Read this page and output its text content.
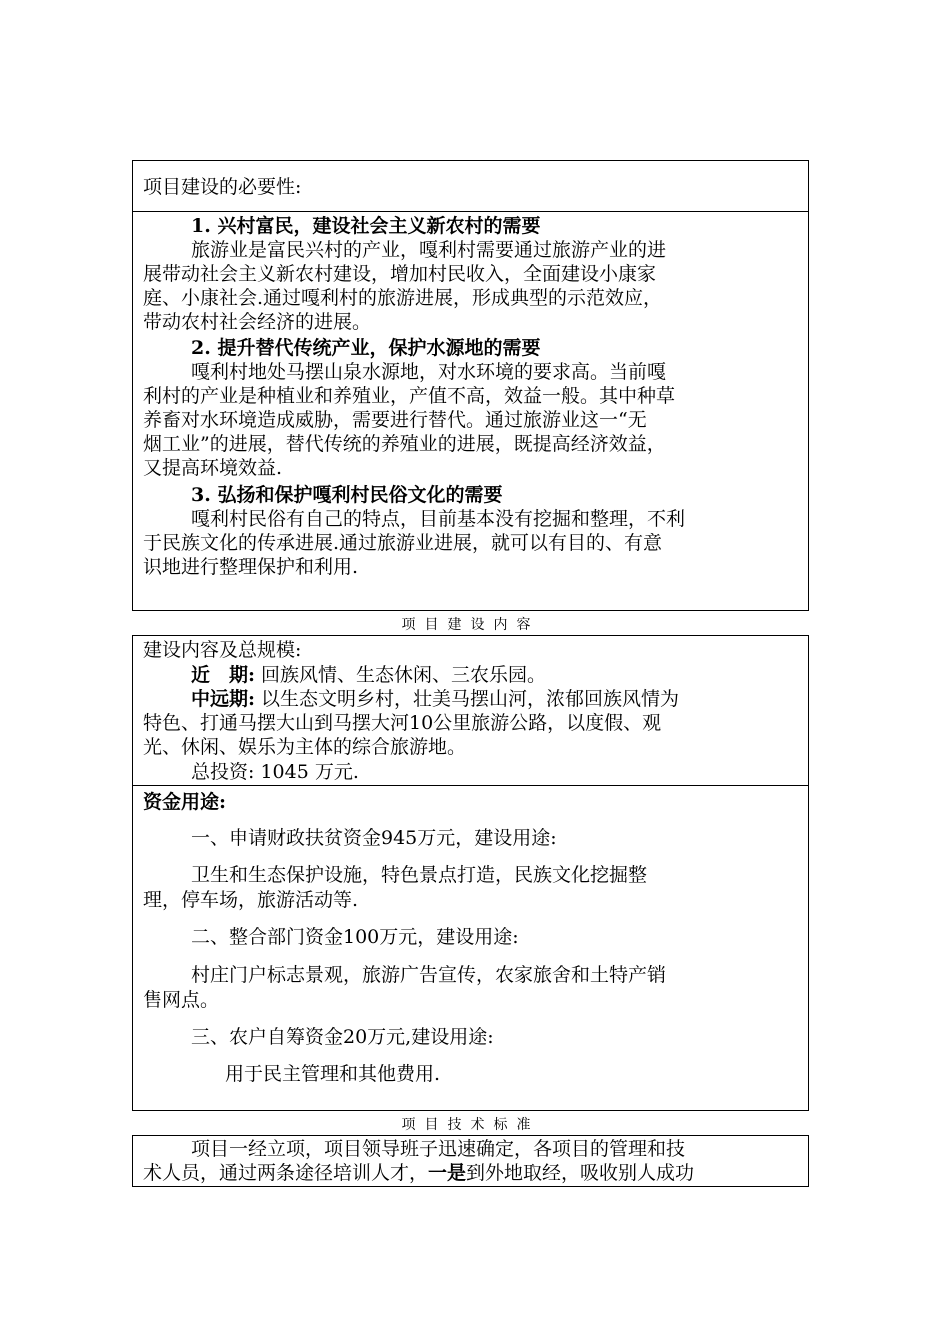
项目建设的必要性:
1. 兴村富民，建设社会主义新农村的需要
旅游业是富民兴村的产业，嘎利村需要通过旅游产业的进
展带动社会主义新农村建设，增加村民收入，全面建设小康家
庭、小康社会.通过嘎利村的旅游进展，形成典型的示范效应，
带动农村社会经济的进展。
2. 提升替代传统产业，保护水源地的需要
嘎利村地处马摆山泉水源地，对水环境的要求高。当前嘎
利村的产业是种植业和养殖业，产值不高，效益一般。其中种草
养畜对水环境造成威胁，需要进行替代。通过旅游业这一“无
烟工业”的进展，替代传统的养殖业的进展，既提高经济效益，
又提高环境效益.
3. 弘扬和保护嘎利村民俗文化的需要
嘎利村民俗有自己的特点，目前基本没有挖掘和整理，不利
于民族文化的传承进展.通过旅游业进展，就可以有目的、有意
识地进行整理保护和利用.
项目建设内容
建设内容及总规模:
近　期: 回族风情、生态休闲、三农乐园。
中远期: 以生态文明乡村，壮美马摆山河，浓郁回族风情为
特色、打通马摆大山到马摆大河10公里旅游公路，以度假、观
光、休闲、娱乐为主体的综合旅游地。
总投资: 1045 万元.
资金用途:
一、申请财政扶贫资金945万元，建设用途:
卫生和生态保护设施，特色景点打造，民族文化挖掘整
理，停车场，旅游活动等.
二、整合部门资金100万元，建设用途:
村庄门户标志景观，旅游广告宣传，农家旅舍和土特产销
售网点。
三、农户自筹资金20万元,建设用途:
用于民主管理和其他费用.
项目技术标准
项目一经立项，项目领导班子迅速确定，各项目的管理和技
术人员，通过两条途径培训人才，一是到外地取经，吸收别人成功
